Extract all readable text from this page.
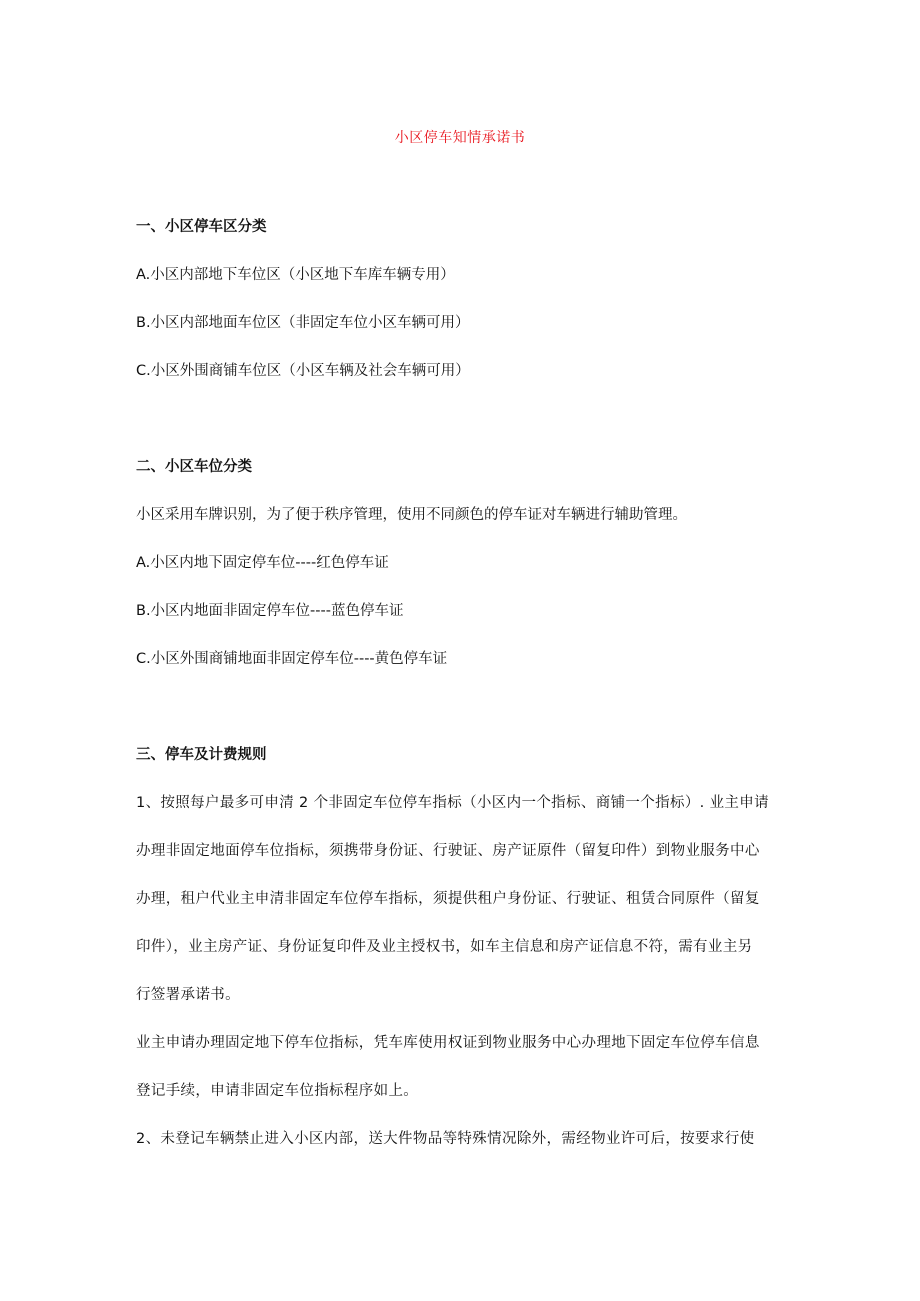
小区停车知情承诺书
一、小区停车区分类
A.小区内部地下车位区（小区地下车库车辆专用）
B.小区内部地面车位区（非固定车位小区车辆可用）
C.小区外围商铺车位区（小区车辆及社会车辆可用）
二、小区车位分类
小区采用车牌识别，为了便于秩序管理，使用不同颜色的停车证对车辆进行辅助管理。
A.小区内地下固定停车位----红色停车证
B.小区内地面非固定停车位----蓝色停车证
C.小区外围商铺地面非固定停车位----黄色停车证
三、停车及计费规则
1、按照每户最多可申清 2 个非固定车位停车指标（小区内一个指标、商铺一个指标）. 业主申请
办理非固定地面停车位指标，须携带身份证、行驶证、房产证原件（留复印件）到物业服务中心
办理，租户代业主申清非固定车位停车指标，须提供租户身份证、行驶证、租赁合同原件（留复
印件），业主房产证、身份证复印件及业主授权书，如车主信息和房产证信息不符，需有业主另
行签署承诺书。
业主申请办理固定地下停车位指标，凭车库使用权证到物业服务中心办理地下固定车位停车信息
登记手续，申请非固定车位指标程序如上。
2、未登记车辆禁止进入小区内部，送大件物品等特殊情况除外，需经物业许可后，按要求行使
